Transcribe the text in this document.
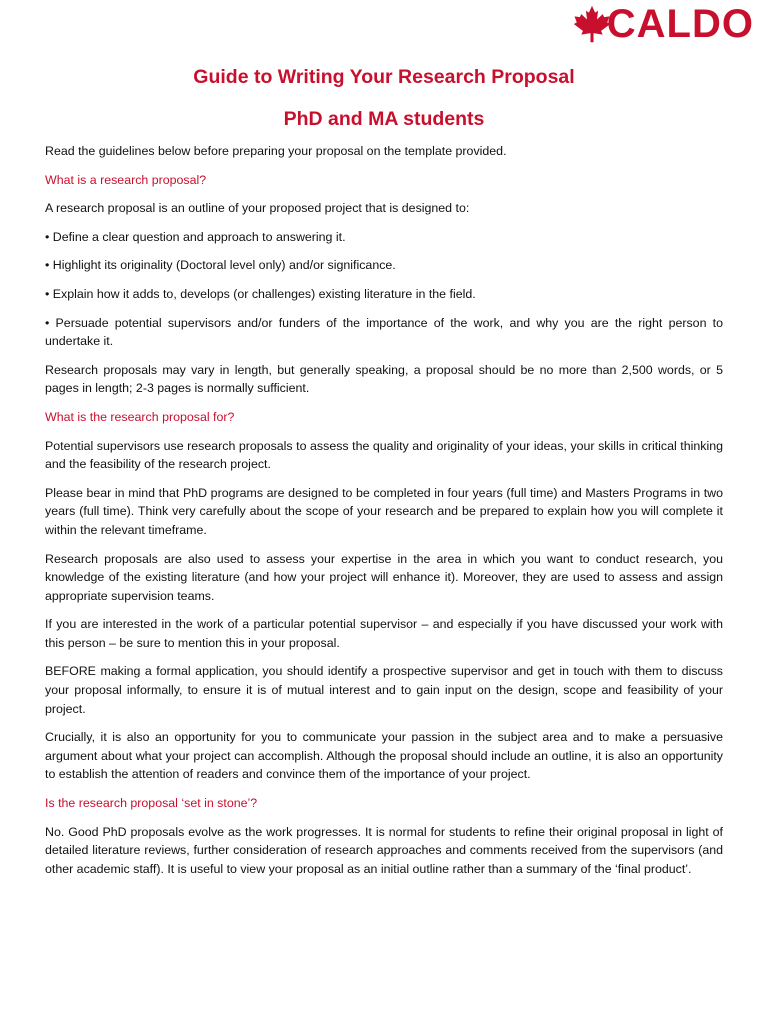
CALDO
Guide to Writing Your Research Proposal
PhD and MA students

Read the guidelines below before preparing your proposal on the template provided.

What is a research proposal?

A research proposal is an outline of your proposed project that is designed to:

• Define a clear question and approach to answering it.

• Highlight its originality (Doctoral level only) and/or significance.

• Explain how it adds to, develops (or challenges) existing literature in the field.

• Persuade potential supervisors and/or funders of the importance of the work, and why you are the right person to undertake it.

Research proposals may vary in length, but generally speaking, a proposal should be no more than 2,500 words, or 5 pages in length; 2-3 pages is normally sufficient.

What is the research proposal for?

Potential supervisors use research proposals to assess the quality and originality of your ideas, your skills in critical thinking and the feasibility of the research project.

Please bear in mind that PhD programs are designed to be completed in four years (full time) and Masters Programs in two years (full time). Think very carefully about the scope of your research and be prepared to explain how you will complete it within the relevant timeframe.

Research proposals are also used to assess your expertise in the area in which you want to conduct research, you knowledge of the existing literature (and how your project will enhance it). Moreover, they are used to assess and assign appropriate supervision teams.

If you are interested in the work of a particular potential supervisor – and especially if you have discussed your work with this person – be sure to mention this in your proposal.

BEFORE making a formal application, you should identify a prospective supervisor and get in touch with them to discuss your proposal informally, to ensure it is of mutual interest and to gain input on the design, scope and feasibility of your project.

Crucially, it is also an opportunity for you to communicate your passion in the subject area and to make a persuasive argument about what your project can accomplish. Although the proposal should include an outline, it is also an opportunity to establish the attention of readers and convince them of the importance of your project.

Is the research proposal ‘set in stone’?

No. Good PhD proposals evolve as the work progresses. It is normal for students to refine their original proposal in light of detailed literature reviews, further consideration of research approaches and comments received from the supervisors (and other academic staff). It is useful to view your proposal as an initial outline rather than a summary of the ‘final product’.
